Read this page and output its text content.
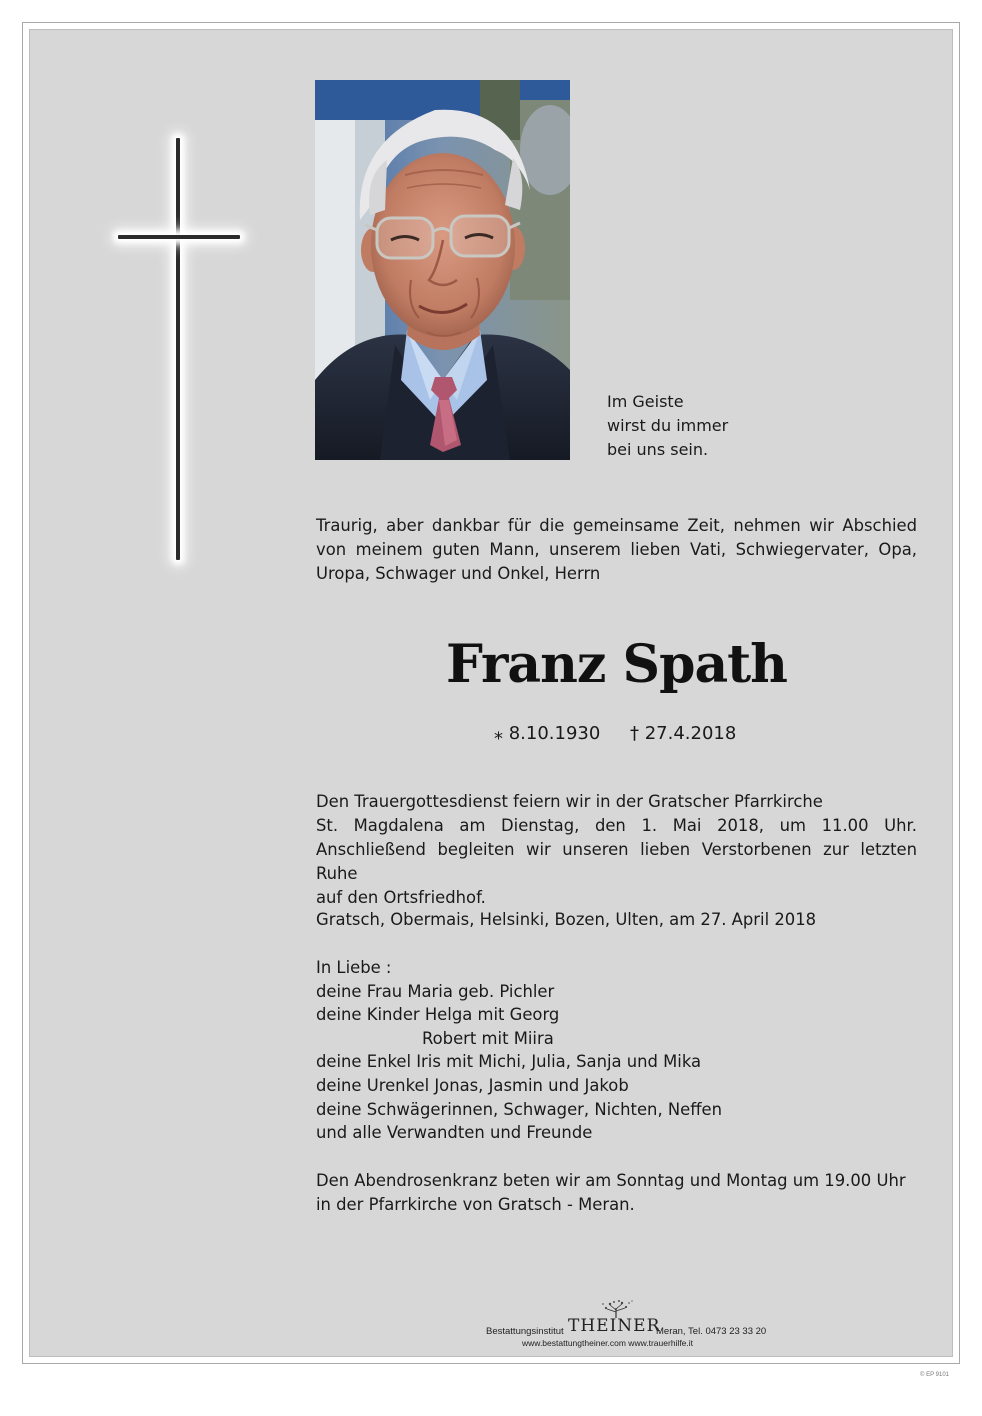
Im Geiste
wirst du immer
bei uns sein.
Traurig, aber dankbar für die gemeinsame Zeit, nehmen wir Abschied von meinem guten Mann, unserem lieben Vati, Schwiegervater, Opa, Uropa, Schwager und Onkel, Herrn
Franz Spath
⁎ 8.10.1930 † 27.4.2018
Den Trauergottesdienst feiern wir in der Gratscher Pfarrkirche
St. Magdalena am Dienstag, den 1. Mai 2018, um 11.00 Uhr.
Anschließend begleiten wir unseren lieben Verstorbenen zur letzten Ruhe
auf den Ortsfriedhof.
Gratsch, Obermais, Helsinki, Bozen, Ulten, am 27. April 2018
In Liebe :
deine Frau Maria geb. Pichler
deine Kinder Helga mit Georg
Robert mit Miira
deine Enkel Iris mit Michi, Julia, Sanja und Mika
deine Urenkel Jonas, Jasmin und Jakob
deine Schwägerinnen, Schwager, Nichten, Neffen
und alle Verwandten und Freunde
Den Abendrosenkranz beten wir am Sonntag und Montag um 19.00 Uhr
in der Pfarrkirche von Gratsch - Meran.
Bestattungsinstitut THEINER
Meran, Tel. 0473 23 33 20
www.bestattungtheiner.com www.trauerhilfe.it
© EP 9101
